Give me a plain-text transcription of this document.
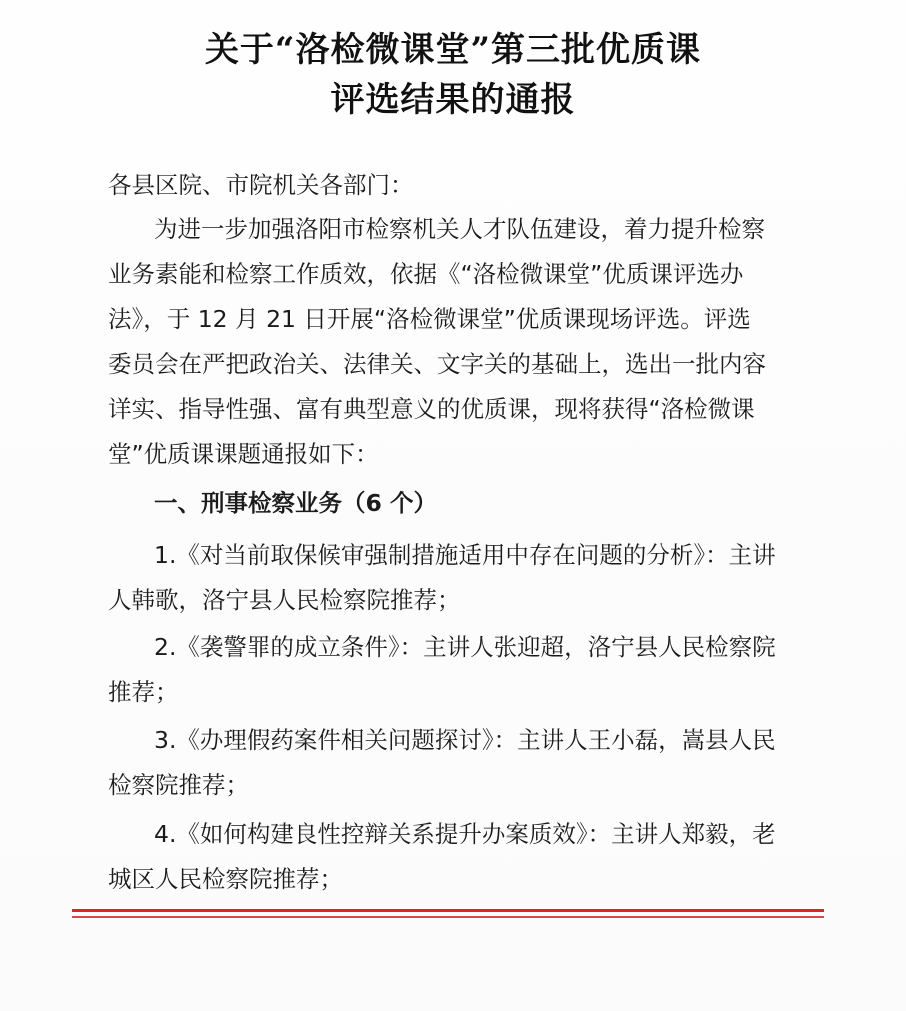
关于“洛检微课堂”第三批优质课
评选结果的通报
各县区院、市院机关各部门：
为进一步加强洛阳市检察机关人才队伍建设，着力提升检察
业务素能和检察工作质效，依据《“洛检微课堂”优质课评选办
法》，于 12 月 21 日开展“洛检微课堂”优质课现场评选。评选
委员会在严把政治关、法律关、文字关的基础上，选出一批内容
详实、指导性强、富有典型意义的优质课，现将获得“洛检微课
堂”优质课课题通报如下：
一、刑事检察业务（6 个）
1.《对当前取保候审强制措施适用中存在问题的分析》：主讲
人韩歌，洛宁县人民检察院推荐；
2.《袭警罪的成立条件》：主讲人张迎超，洛宁县人民检察院
推荐；
3.《办理假药案件相关问题探讨》：主讲人王小磊，嵩县人民
检察院推荐；
4.《如何构建良性控辩关系提升办案质效》：主讲人郑毅，老
城区人民检察院推荐；
